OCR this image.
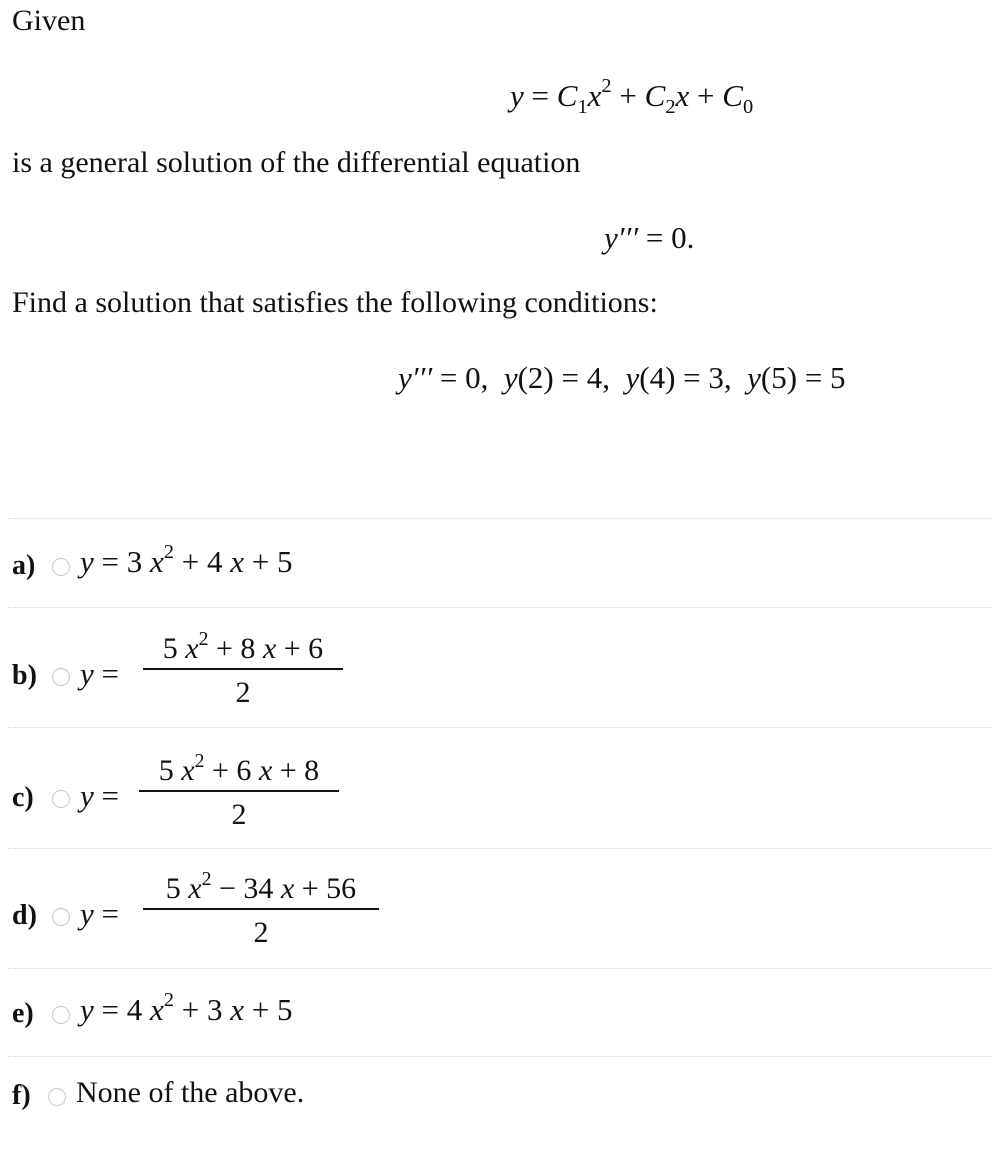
Given
$y = C_1x^2 + C_2x + C_0$
is a general solution of the differential equation
y′′′ = 0.
Find a solution that satisfies the following conditions:
y′′′ = 0, y(2) = 4, y(4) = 3, y(5) = 5
a) y = 3 $x^2 + 4$ x + 5
b) y =
5 $x^2 + 8$ x + 6
2
c) y =
5 $x^2 + 6$ x + 8
2
d) y =
5 $x^2 - 34$ x + 56
2
e) y = 4 $x^2 + 3$ x + 5
f) None of the above.
